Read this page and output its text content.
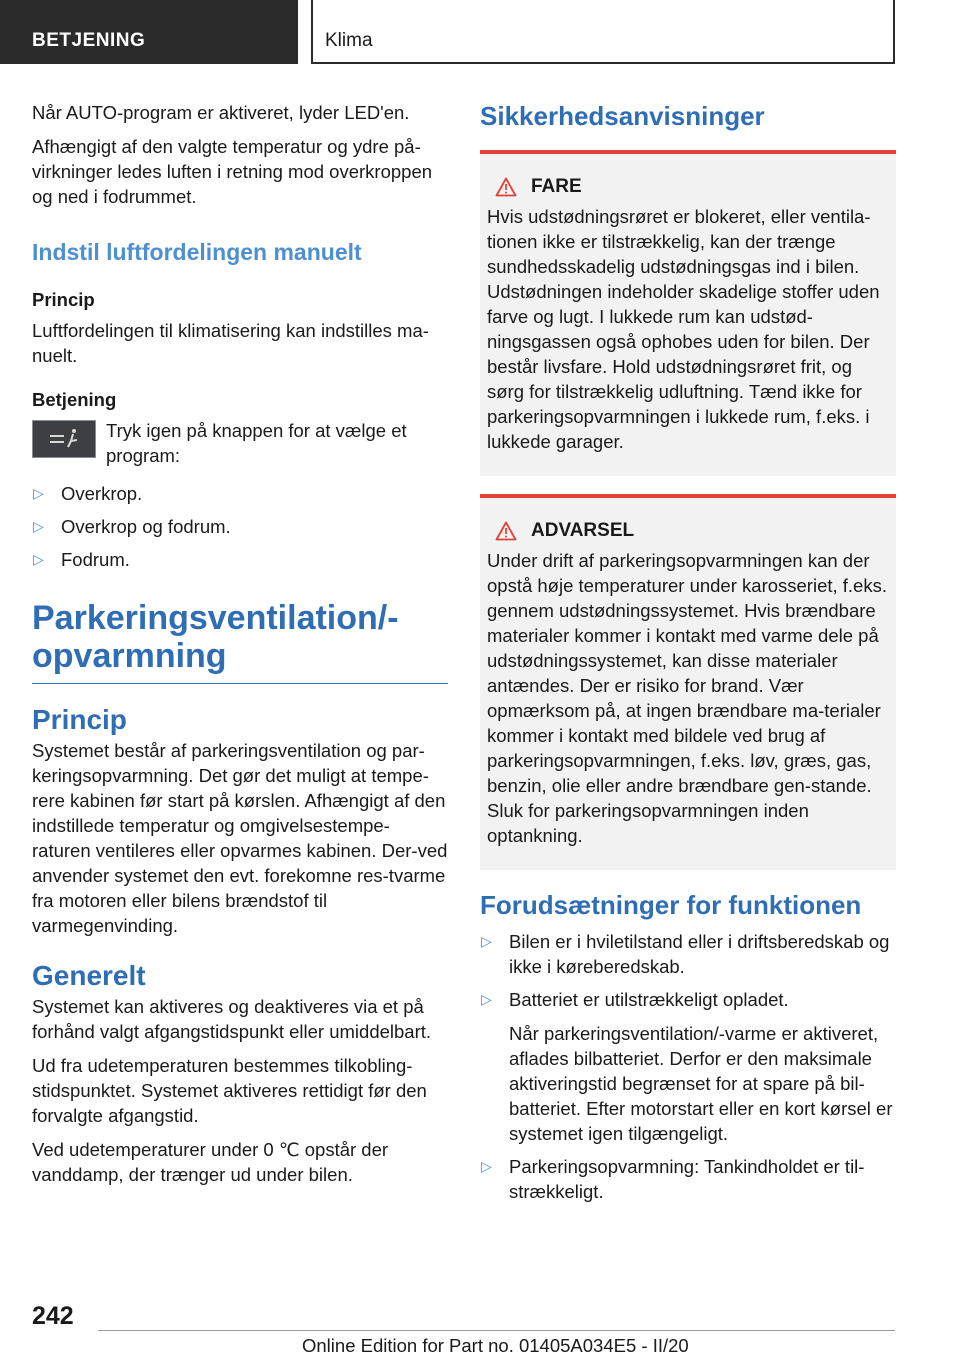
BETJENING	Klima

Når AUTO-program er aktiveret, lyder LED'en.

Afhængigt af den valgte temperatur og ydre på-virkninger ledes luften i retning mod overkroppen og ned i fodrummet.

Indstil luftfordelingen manuelt
Princip

Luftfordelingen til klimatisering kan indstilles ma-nuelt.

Betjening

Tryk igen på knappen for at vælge et program:

▷ Overkrop.
▷ Overkrop og fodrum.
▷ Fodrum.
Parkeringsventilation/-opvarmning
Princip

Systemet består af parkeringsventilation og par-keringsopvarmning. Det gør det muligt at tempe-rere kabinen før start på kørslen. Afhængigt af den indstillede temperatur og omgivelsestempe-raturen ventileres eller opvarmes kabinen. Der-ved anvender systemet den evt. forekomne res-tvarme fra motoren eller bilens brændstof til varmegenvinding.

Generelt

Systemet kan aktiveres og deaktiveres via et på forhånd valgt afgangstidspunkt eller umiddelbart.

Ud fra udetemperaturen bestemmes tilkobling-stidspunktet. Systemet aktiveres rettidigt før den forvalgte afgangstid.

Ved udetemperaturer under 0 ℃ opstår der vanddamp, der trænger ud under bilen.

Sikkerhedsanvisninger
FARE

Hvis udstødningsrøret er blokeret, eller ventila-tionen ikke er tilstrækkelig, kan der trænge sundhedsskadelig udstødningsgas ind i bilen. Udstødningen indeholder skadelige stoffer uden farve og lugt. I lukkede rum kan udstød-ningsgassen også ophobes uden for bilen. Der består livsfare. Hold udstødningsrøret frit, og sørg for tilstrækkelig udluftning. Tænd ikke for parkeringsopvarmningen i lukkede rum, f.eks. i lukkede garager.

ADVARSEL

Under drift af parkeringsopvarmningen kan der opstå høje temperaturer under karosseriet, f.eks. gennem udstødningssystemet. Hvis brændbare materialer kommer i kontakt med varme dele på udstødningssystemet, kan disse materialer antændes. Der er risiko for brand. Vær opmærksom på, at ingen brændbare ma-terialer kommer i kontakt med bildele ved brug af parkeringsopvarmningen, f.eks. løv, græs, gas, benzin, olie eller andre brændbare gen-stande. Sluk for parkeringsopvarmningen inden optankning.

Forudsætninger for funktionen
▷ Bilen er i hviletilstand eller i driftsberedskab og ikke i køreberedskab.
▷ Batteriet er utilstrækkeligt opladet.

Når parkeringsventilation/-varme er aktiveret, aflades bilbatteriet. Derfor er den maksimale aktiveringstid begrænset for at spare på bil-batteriet. Efter motorstart eller en kort kørsel er systemet igen tilgængeligt.

▷ Parkeringsopvarmning: Tankindholdet er til-strækkeligt.
242
Online Edition for Part no. 01405A034E5 - II/20
